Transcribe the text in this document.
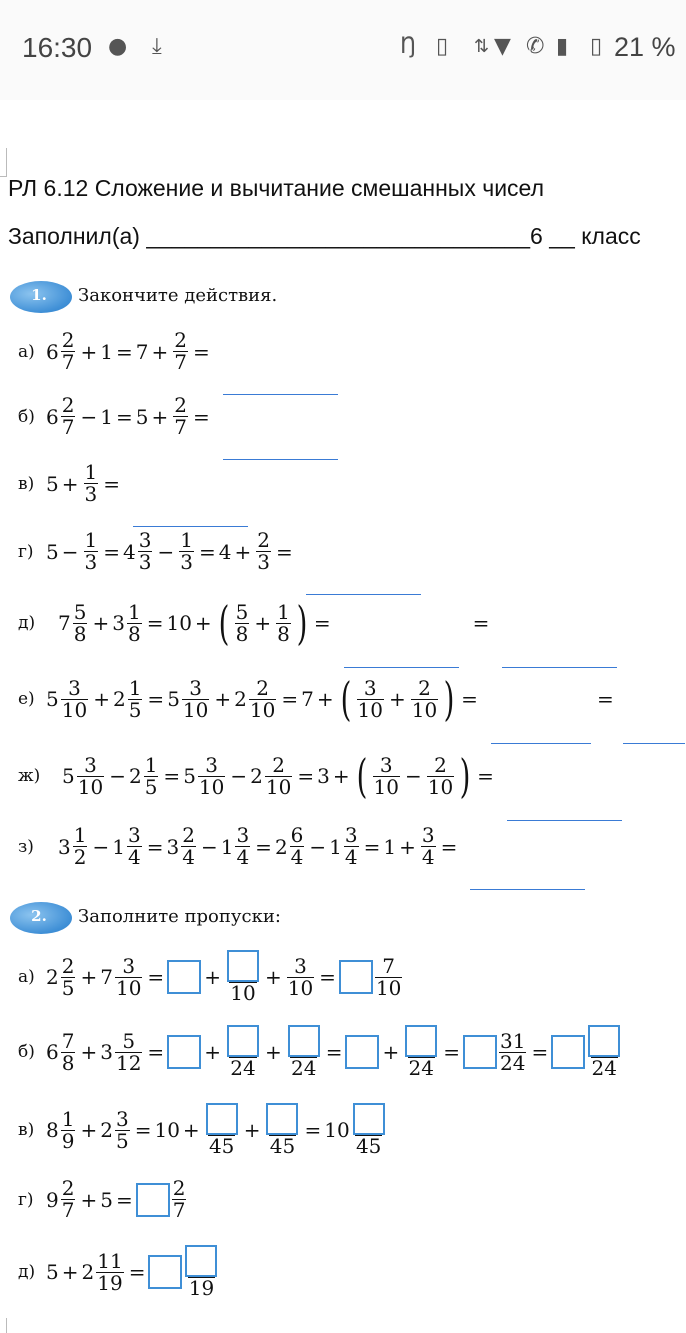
16:30 ● ⤓	Ŋ ▯ ⇅ ▼ ✆ ▮ ▯ 21 %
РЛ 6.12 Сложение и вычитание смешанных чисел
Заполнил(а) ______________________________6 __ класс
1.	Закончите действия.
а) $6 \frac{2}{7} + 1 = 7 + \frac{2}{7}$ =
б) $6 \frac{2}{7} - 1 = 5 + \frac{2}{7}$ =
в) $5 + \frac{1}{3}$ =
г) $5 - \frac{1}{3} = 4 \frac{3}{3} - \frac{1}{3} = 4 + \frac{2}{3}$ =
д)	$7 \frac{5}{8} + 3 \frac{1}{8} = 10$ + ( $\frac{5}{8} + \frac{1}{8}$ ) =	=
е) $5 \frac{3}{10} + 2 \frac{1}{5} = 5 \frac{3}{10} + 2 \frac{2}{10} = 7$ + ( $\frac{3}{10} + \frac{2}{10}$ ) =	=
ж)	$5 \frac{3}{10} - 2 \frac{1}{5} = 5 \frac{3}{10} - 2 \frac{2}{10} = 3$ + ( $\frac{3}{10} - \frac{2}{10}$ ) =
з)	$3 \frac{1}{2} - 1 \frac{3}{4} = 3 \frac{2}{4} - 1 \frac{3}{4} = 2 \frac{6}{4} - 1 \frac{3}{4} = 1 + \frac{3}{4}$ =
2.	Заполните пропуски:
а) $2 \frac{2}{5} + 7 \frac{3}{10}$ = +
10
+ $\frac{3}{10} = \frac{7}{10}$
б) $6 \frac{7}{8} + 3 \frac{5}{12}$ = +
24
+
24
= +
24
= $\frac{31}{24}$ =
24
в) $8 \frac{1}{9} + 2 \frac{3}{5} = 10$ +
45
+
45
= 10
45
г) $9 \frac{2}{7} + 5 = \frac{2}{7}$
д) $5 + 2 \frac{11}{19}$ =
19
